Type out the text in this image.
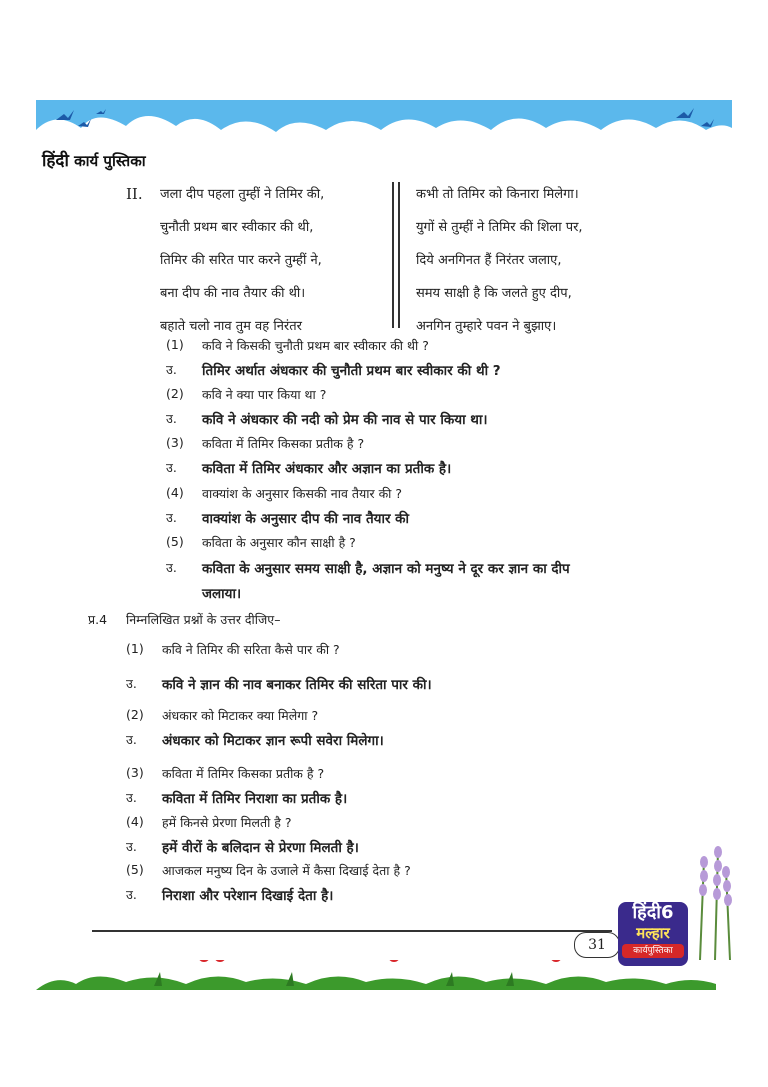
हिंदी कार्य पुस्तिका
II. जला दीप पहला तुम्हीं ने तिमिर की,
चुनौती प्रथम बार स्वीकार की थी,
तिमिर की सरित पार करने तुम्हीं ने,
बना दीप की नाव तैयार की थी।
बहाते चलो नाव तुम वह निरंतर
कभी तो तिमिर को किनारा मिलेगा।
युगों से तुम्हीं ने तिमिर की शिला पर,
दिये अनगिनत हैं निरंतर जलाए,
समय साक्षी है कि जलते हुए दीप,
अनगिन तुम्हारे पवन ने बुझाए।
(1) कवि ने किसकी चुनौती प्रथम बार स्वीकार की थी ?
उ. तिमिर अर्थात अंधकार की चुनौती प्रथम बार स्वीकार की थी ?
(2) कवि ने क्या पार किया था ?
उ. कवि ने अंधकार की नदी को प्रेम की नाव से पार किया था।
(3) कविता में तिमिर किसका प्रतीक है ?
उ. कविता में तिमिर अंधकार और अज्ञान का प्रतीक है।
(4) वाक्यांश के अनुसार किसकी नाव तैयार की ?
उ. वाक्यांश के अनुसार दीप की नाव तैयार की
(5) कविता के अनुसार कौन साक्षी है ?
उ. कविता के अनुसार समय साक्षी है, अज्ञान को मनुष्य ने दूर कर ज्ञान का दीप
जलाया।
प्र.4 निम्नलिखित प्रश्नों के उत्तर दीजिए–
(1) कवि ने तिमिर की सरिता कैसे पार की ?
उ. कवि ने ज्ञान की नाव बनाकर तिमिर की सरिता पार की।
(2) अंधकार को मिटाकर क्या मिलेगा ?
उ. अंधकार को मिटाकर ज्ञान रूपी सवेरा मिलेगा।
(3) कविता में तिमिर किसका प्रतीक है ?
उ. कविता में तिमिर निराशा का प्रतीक है।
(4) हमें किनसे प्रेरणा मिलती है ?
उ. हमें वीरों के बलिदान से प्रेरणा मिलती है।
(5) आजकल मनुष्य दिन के उजाले में कैसा दिखाई देता है ?
उ. निराशा और परेशान दिखाई देता है।
31
हिंदी6
मल्हार
कार्यपुस्तिका
